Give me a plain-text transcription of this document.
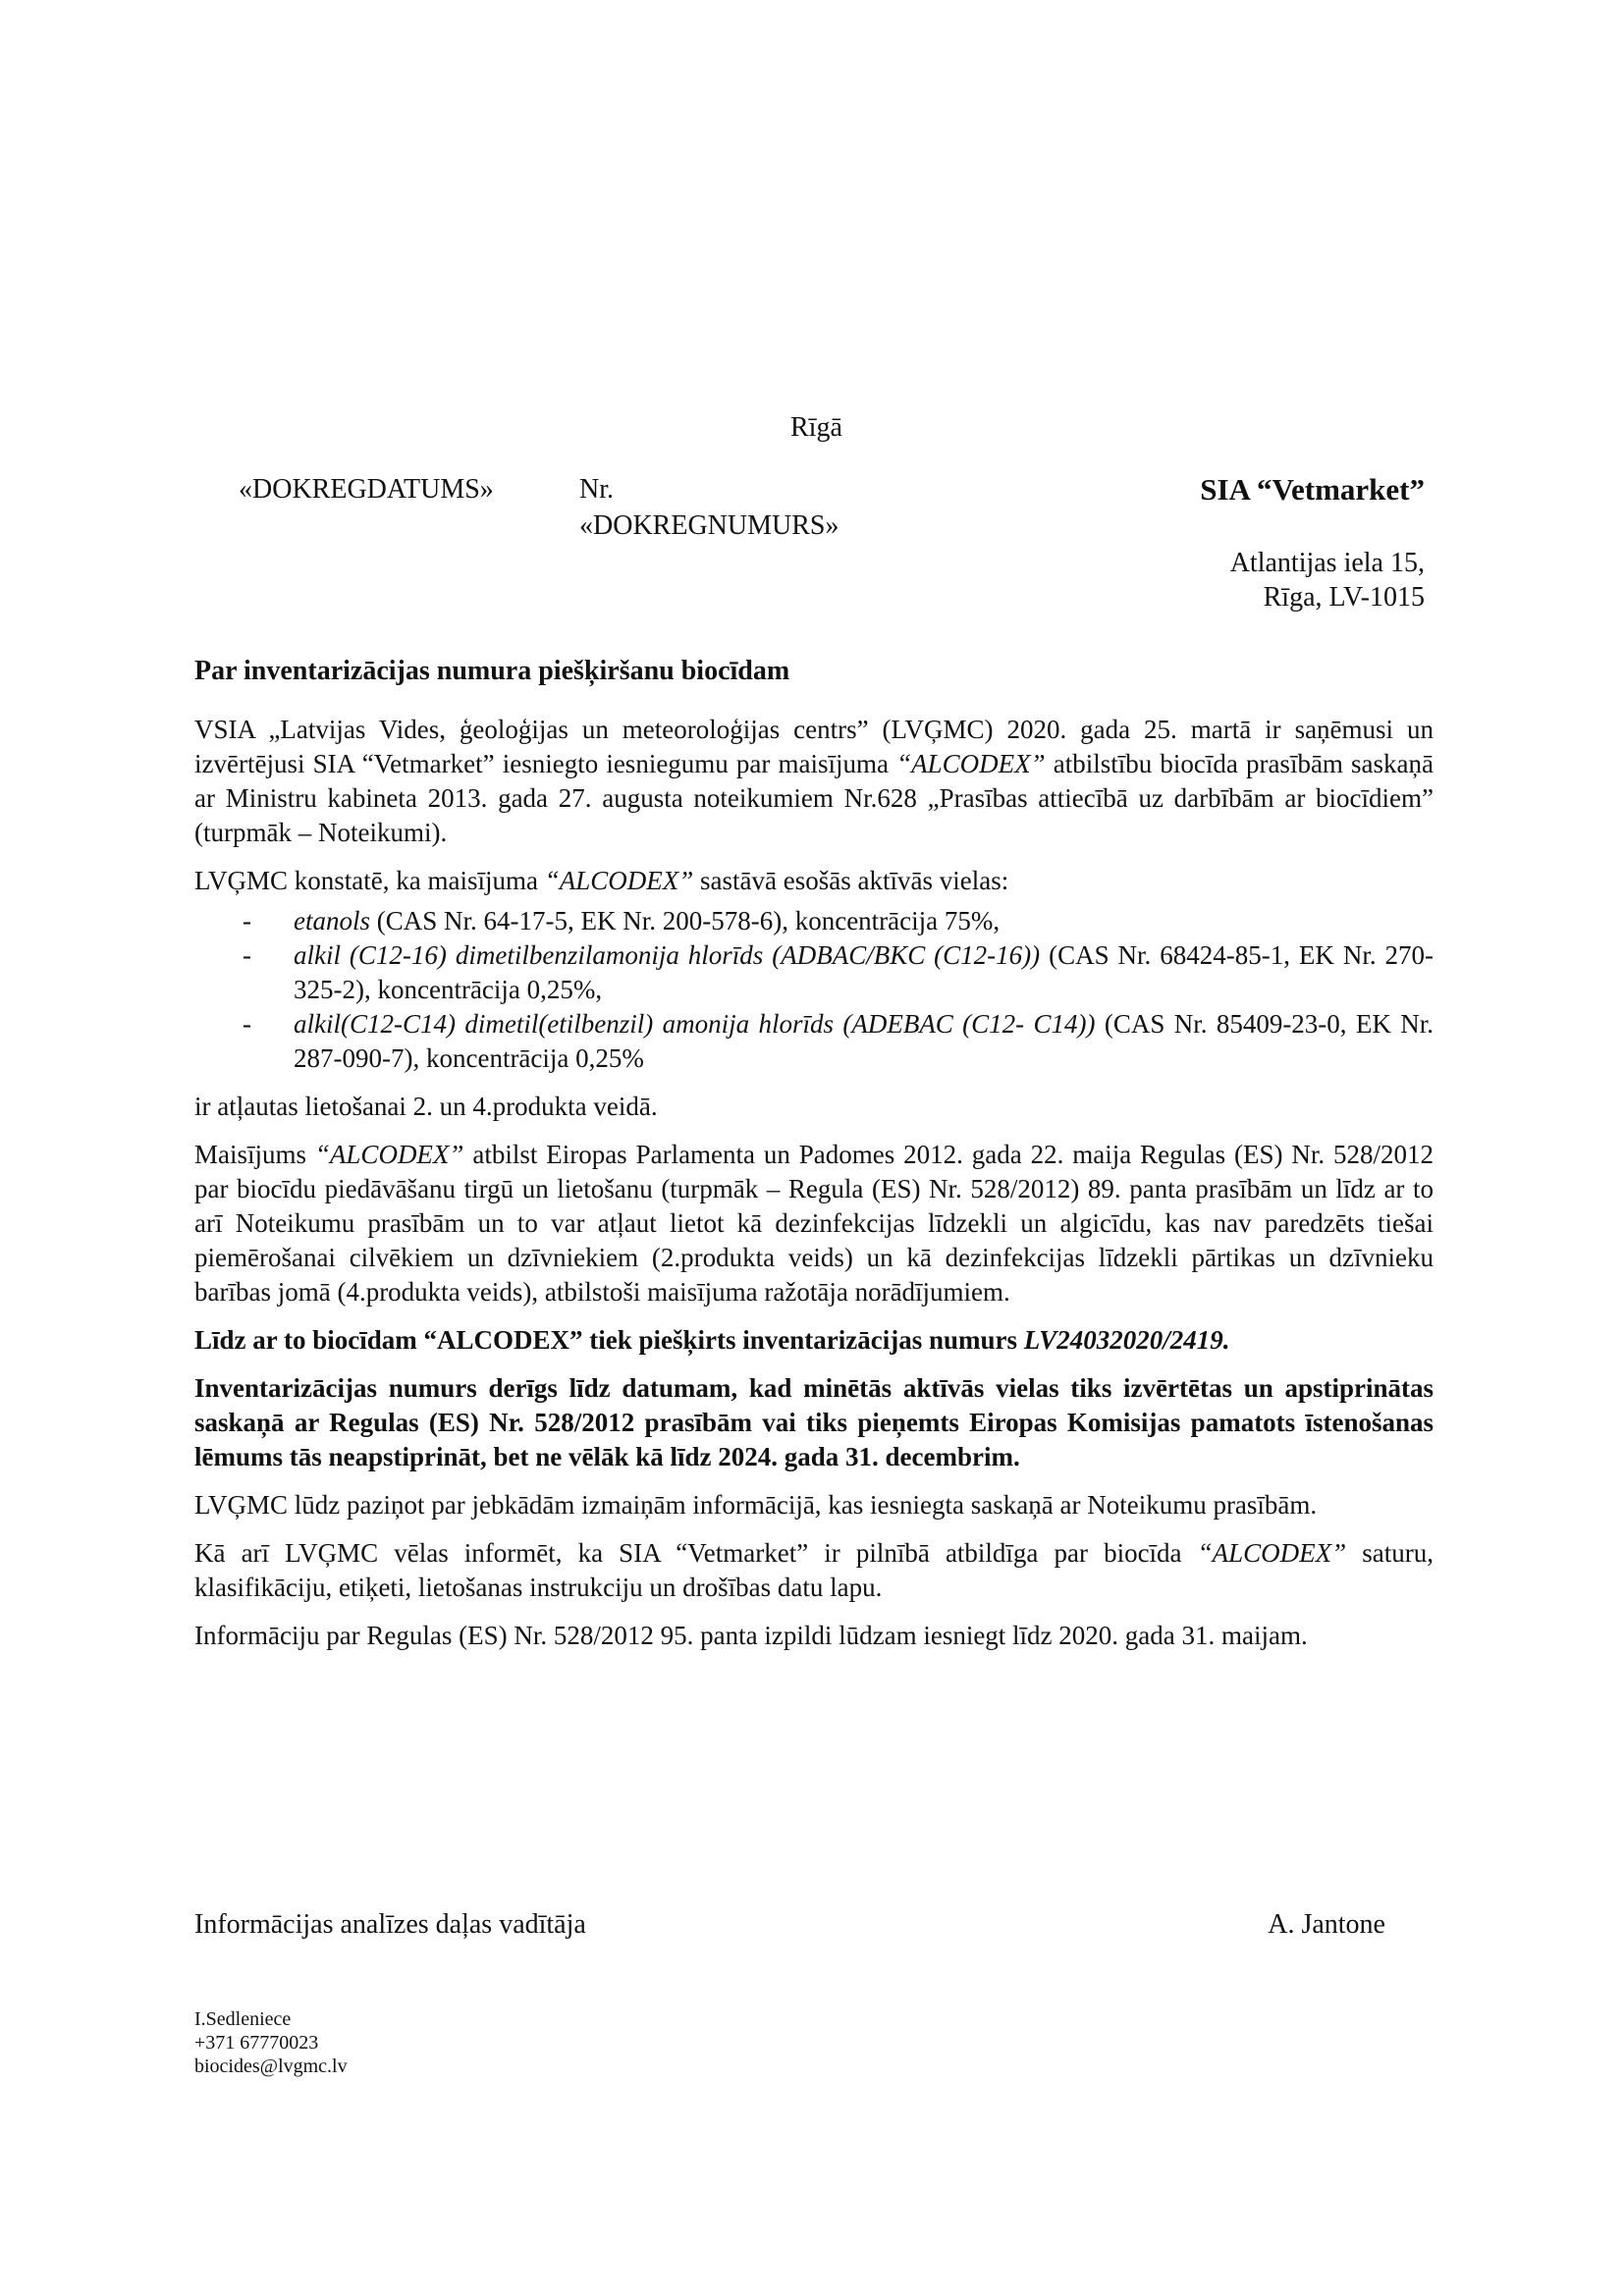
Rīgā
«DOKREGDATUMS»	Nr.
«DOKREGNUMURS»
SIA “Vetmarket”
Atlantijas iela 15,
Rīga, LV-1015
Par inventarizācijas numura piešķiršanu biocīdam

VSIA „Latvijas Vides, ģeoloģijas un meteoroloģijas centrs” (LVĢMC) 2020. gada 25. martā ir saņēmusi un izvērtējusi SIA “Vetmarket” iesniegto iesniegumu par maisījuma “ALCODEX” atbilstību biocīda prasībām saskaņā ar Ministru kabineta 2013. gada 27. augusta noteikumiem Nr.628 „Prasības attiecībā uz darbībām ar biocīdiem” (turpmāk – Noteikumi).

LVĢMC konstatē, ka maisījuma “ALCODEX” sastāvā esošās aktīvās vielas:

- etanols (CAS Nr. 64-17-5, EK Nr. 200-578-6), koncentrācija 75%,
- alkil (C12-16) dimetilbenzilamonija hlorīds (ADBAC/BKC (C12-16)) (CAS Nr. 68424-85-1, EK Nr. 270-325-2), koncentrācija 0,25%,
- alkil(C12-C14) dimetil(etilbenzil) amonija hlorīds (ADEBAC (C12- C14)) (CAS Nr. 85409-23-0, EK Nr. 287-090-7), koncentrācija 0,25%

ir atļautas lietošanai 2. un 4.produkta veidā.

Maisījums “ALCODEX” atbilst Eiropas Parlamenta un Padomes 2012. gada 22. maija Regulas (ES) Nr. 528/2012 par biocīdu piedāvāšanu tirgū un lietošanu (turpmāk – Regula (ES) Nr. 528/2012) 89. panta prasībām un līdz ar to arī Noteikumu prasībām un to var atļaut lietot kā dezinfekcijas līdzekli un algicīdu, kas nav paredzēts tiešai piemērošanai cilvēkiem un dzīvniekiem (2.produkta veids) un kā dezinfekcijas līdzekli pārtikas un dzīvnieku barības jomā (4.produkta veids), atbilstoši maisījuma ražotāja norādījumiem.

Līdz ar to biocīdam “ALCODEX” tiek piešķirts inventarizācijas numurs LV24032020/2419.

Inventarizācijas numurs derīgs līdz datumam, kad minētās aktīvās vielas tiks izvērtētas un apstiprinātas saskaņā ar Regulas (ES) Nr. 528/2012 prasībām vai tiks pieņemts Eiropas Komisijas pamatots īstenošanas lēmums tās neapstiprināt, bet ne vēlāk kā līdz 2024. gada 31. decembrim.

LVĢMC lūdz paziņot par jebkādām izmaiņām informācijā, kas iesniegta saskaņā ar Noteikumu prasībām.

Kā arī LVĢMC vēlas informēt, ka SIA “Vetmarket” ir pilnībā atbildīga par biocīda “ALCODEX” saturu, klasifikāciju, etiķeti, lietošanas instrukciju un drošības datu lapu.

Informāciju par Regulas (ES) Nr. 528/2012 95. panta izpildi lūdzam iesniegt līdz 2020. gada 31. maijam.

Informācijas analīzes daļas vadītāja	A. Jantone
I.Sedleniece
+371 67770023
biocides@lvgmc.lv
